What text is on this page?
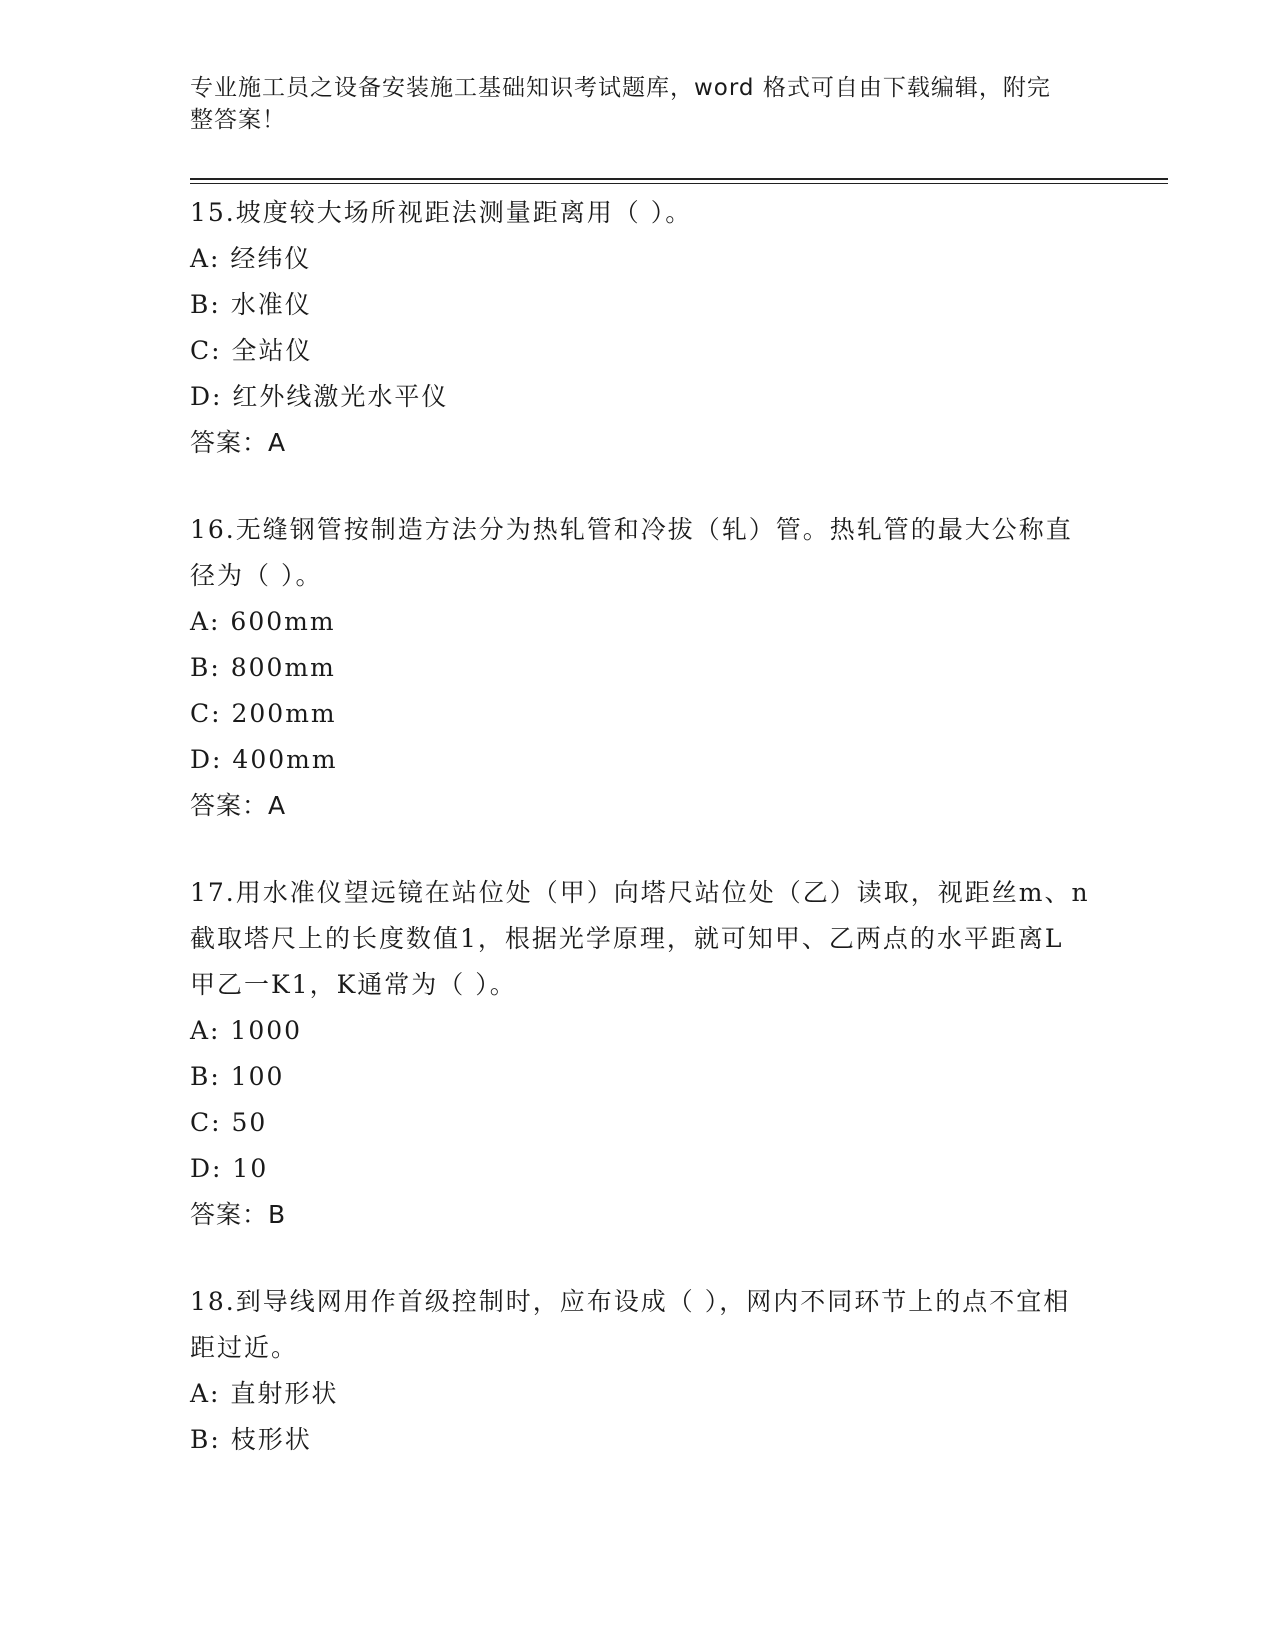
专业施工员之设备安装施工基础知识考试题库，word 格式可自由下载编辑，附完整答案！

15.坡度较大场所视距法测量距离用（ ）。

A: 经纬仪

B: 水准仪

C: 全站仪

D: 红外线激光水平仪

答案：A

16.无缝钢管按制造方法分为热轧管和冷拔（轧）管。热轧管的最大公称直径为（ ）。

A: 600mm

B: 800mm

C: 200mm

D: 400mm

答案：A

17.用水准仪望远镜在站位处（甲）向塔尺站位处（乙）读取，视距丝m、n截取塔尺上的长度数值1，根据光学原理，就可知甲、乙两点的水平距离L甲乙一K1，K通常为（ ）。

A: 1000

B: 100

C: 50

D: 10

答案：B

18.到导线网用作首级控制时，应布设成（ ），网内不同环节上的点不宜相距过近。

A: 直射形状

B: 枝形状
